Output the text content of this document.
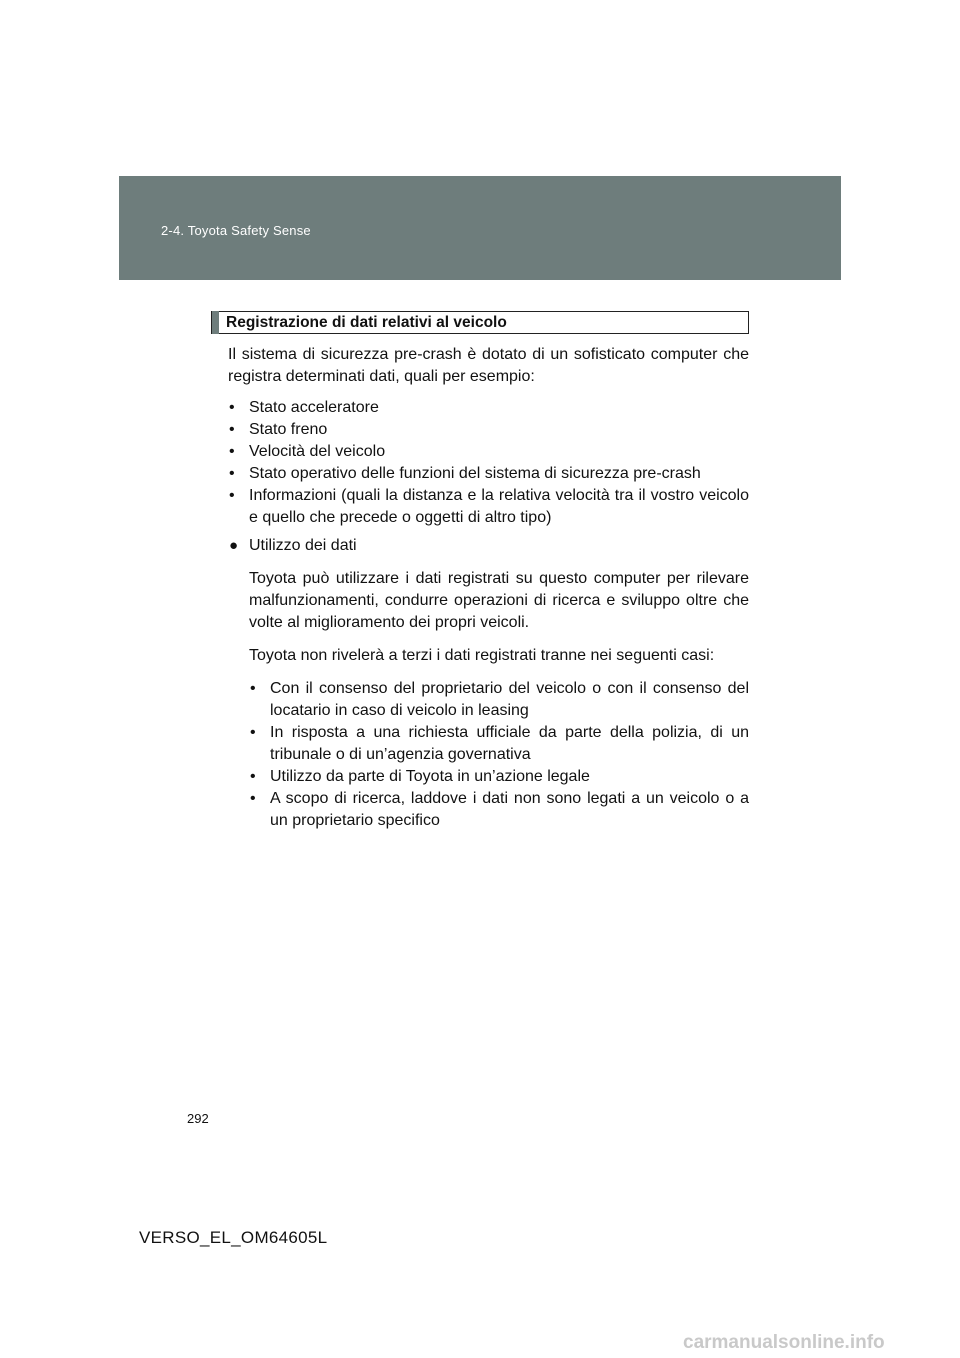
2-4. Toyota Safety Sense
Registrazione di dati relativi al veicolo

Il sistema di sicurezza pre-crash è dotato di un sofisticato computer che registra determinati dati, quali per esempio:

• Stato acceleratore
• Stato freno
• Velocità del veicolo
• Stato operativo delle funzioni del sistema di sicurezza pre-crash
• Informazioni (quali la distanza e la relativa velocità tra il vostro veicolo e quello che precede o oggetti di altro tipo)
● Utilizzo dei dati

Toyota può utilizzare i dati registrati su questo computer per rilevare malfunzionamenti, condurre operazioni di ricerca e sviluppo oltre che volte al miglioramento dei propri veicoli.

Toyota non rivelerà a terzi i dati registrati tranne nei seguenti casi:

• Con il consenso del proprietario del veicolo o con il consenso del locatario in caso di veicolo in leasing
• In risposta a una richiesta ufficiale da parte della polizia, di un tribunale o di un’agenzia governativa
• Utilizzo da parte di Toyota in un’azione legale
• A scopo di ricerca, laddove i dati non sono legati a un veicolo o a un proprietario specifico
292
VERSO_EL_OM64605L
carmanualsonline.info
